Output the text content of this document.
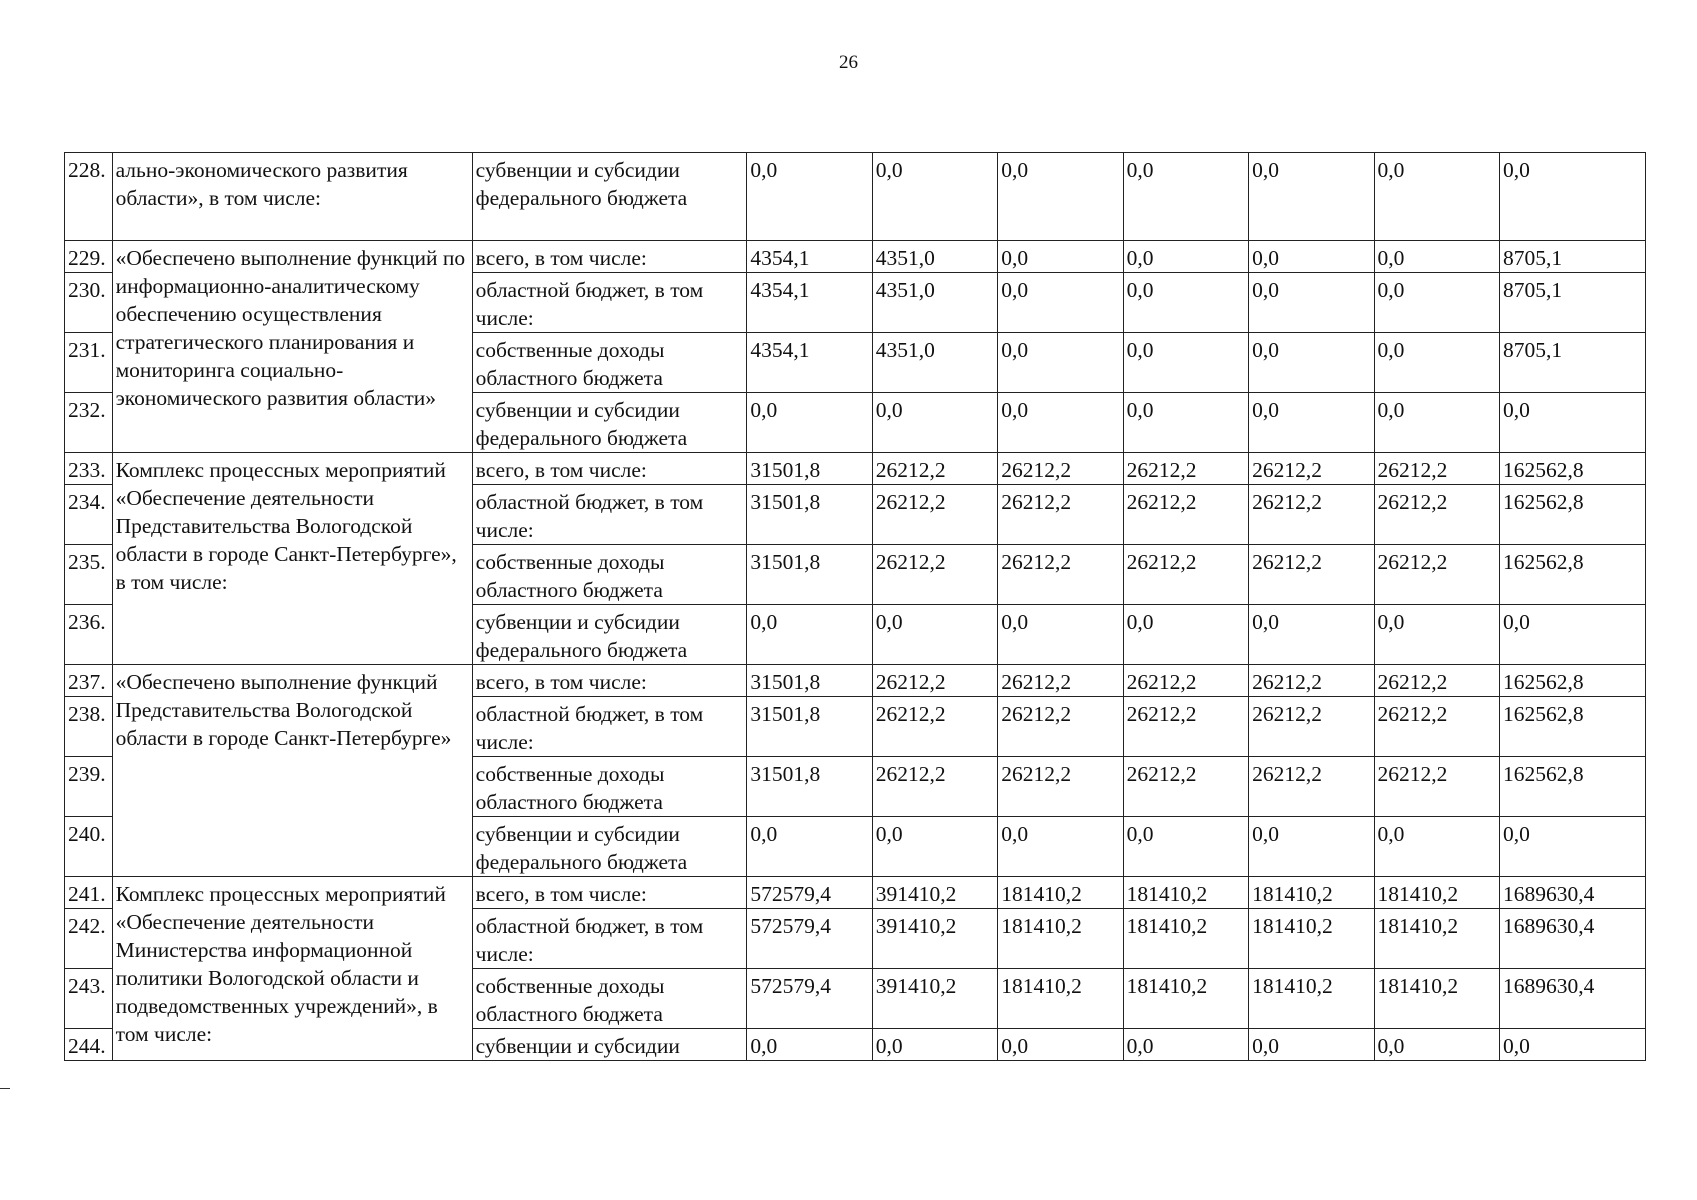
26
228.	ально-экономического развития области», в том числе:	субвенции и субсидии федерального бюджета	0,0	0,0	0,0	0,0	0,0	0,0	0,0
229.	«Обеспечено выполнение функций по информационно-аналитическому обеспечению осуществления стратегического планирования и мониторинга социально-экономического развития области»	всего, в том числе:	4354,1	4351,0	0,0	0,0	0,0	0,0	8705,1
230.		областной бюджет, в том числе:	4354,1	4351,0	0,0	0,0	0,0	0,0	8705,1
231.		собственные доходы областного бюджета	4354,1	4351,0	0,0	0,0	0,0	0,0	8705,1
232.		субвенции и субсидии федерального бюджета	0,0	0,0	0,0	0,0	0,0	0,0	0,0
233.	Комплекс процессных мероприятий «Обеспечение деятельности Представительства Вологодской области в городе Санкт-Петербурге», в том числе:	всего, в том числе:	31501,8	26212,2	26212,2	26212,2	26212,2	26212,2	162562,8
234.		областной бюджет, в том числе:	31501,8	26212,2	26212,2	26212,2	26212,2	26212,2	162562,8
235.		собственные доходы областного бюджета	31501,8	26212,2	26212,2	26212,2	26212,2	26212,2	162562,8
236.		субвенции и субсидии федерального бюджета	0,0	0,0	0,0	0,0	0,0	0,0	0,0
237.	«Обеспечено выполнение функций Представительства Вологодской области в городе Санкт-Петербурге»	всего, в том числе:	31501,8	26212,2	26212,2	26212,2	26212,2	26212,2	162562,8
238.		областной бюджет, в том числе:	31501,8	26212,2	26212,2	26212,2	26212,2	26212,2	162562,8
239.		собственные доходы областного бюджета	31501,8	26212,2	26212,2	26212,2	26212,2	26212,2	162562,8
240.		субвенции и субсидии федерального бюджета	0,0	0,0	0,0	0,0	0,0	0,0	0,0
241.	Комплекс процессных мероприятий «Обеспечение деятельности Министерства информационной политики Вологодской области и подведомственных учреждений», в том числе:	всего, в том числе:	572579,4	391410,2	181410,2	181410,2	181410,2	181410,2	1689630,4
242.		областной бюджет, в том числе:	572579,4	391410,2	181410,2	181410,2	181410,2	181410,2	1689630,4
243.		собственные доходы областного бюджета	572579,4	391410,2	181410,2	181410,2	181410,2	181410,2	1689630,4
244.		субвенции и субсидии	0,0	0,0	0,0	0,0	0,0	0,0	0,0
